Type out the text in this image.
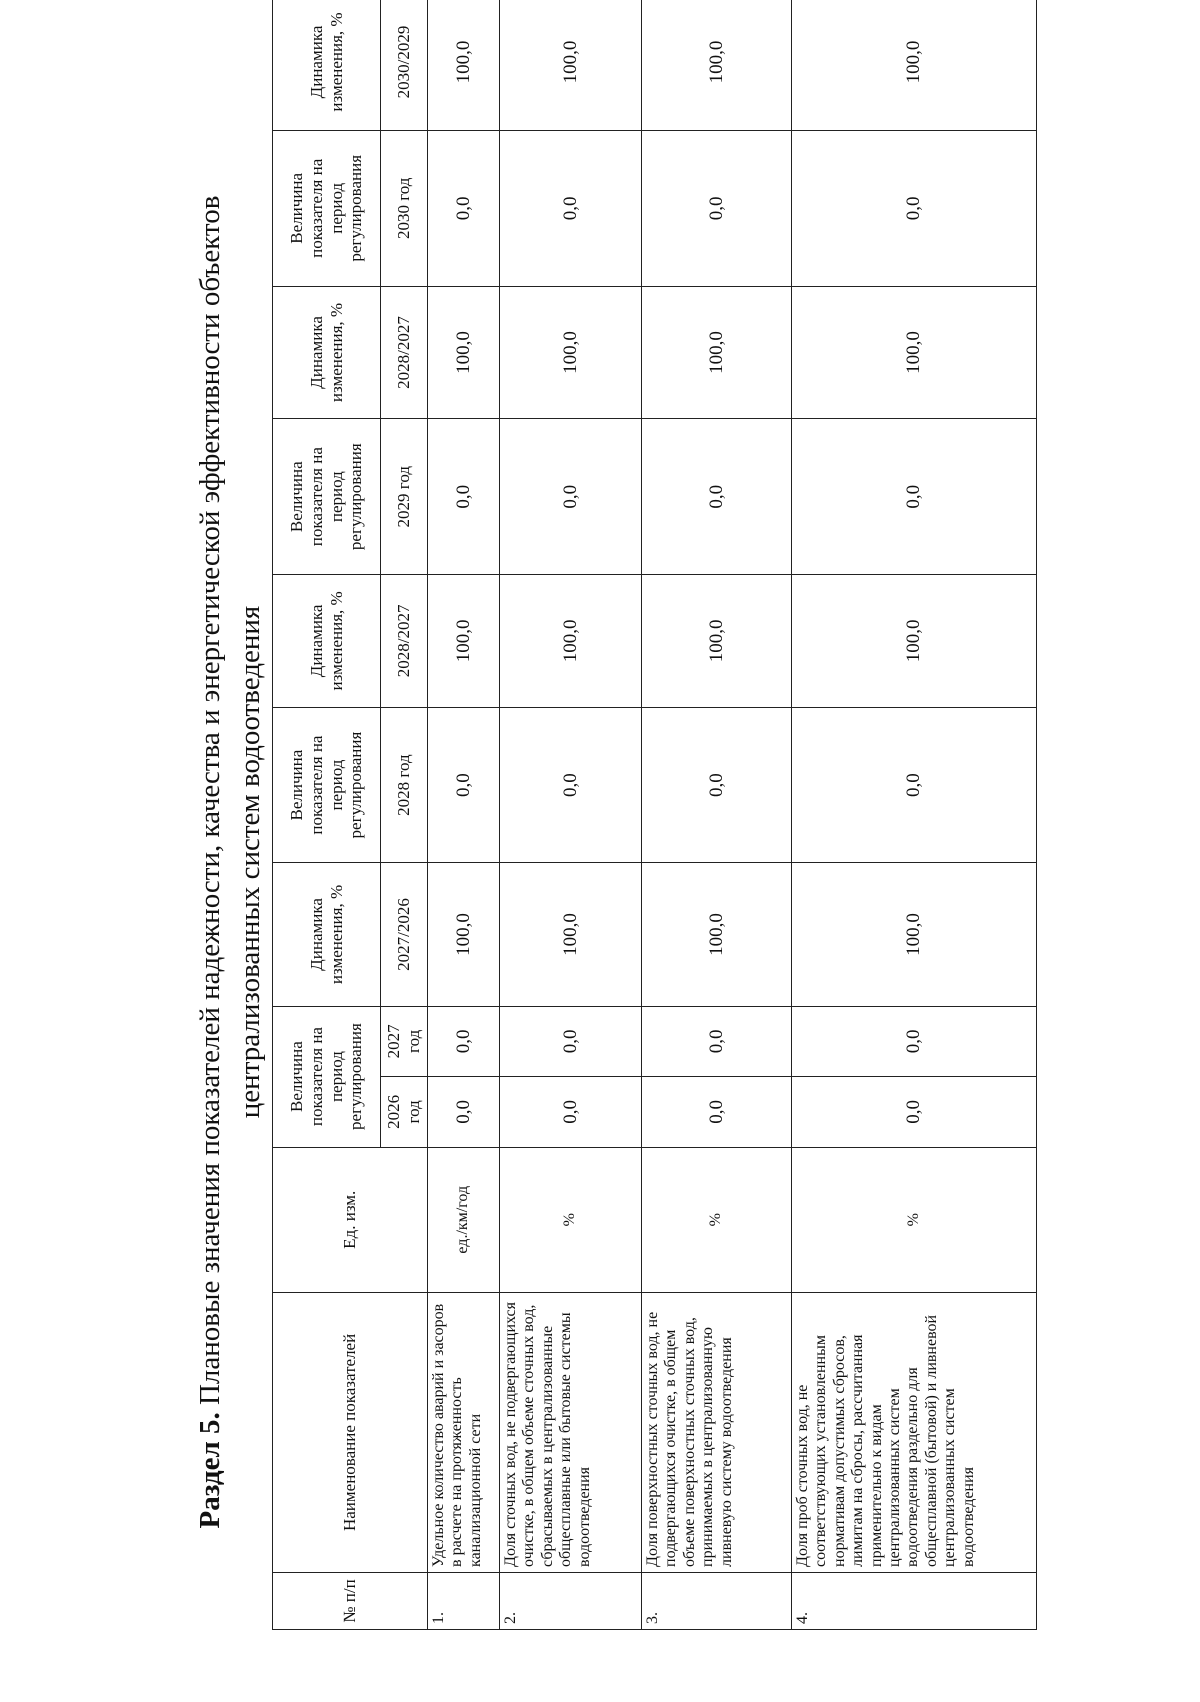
Раздел 5. Плановые значения показателей надежности, качества и энергетической эффективности объектов централизованных систем водоотведения
№ п/п	Наименование показателей	Ед. изм.	Величина показателя на период регулирования		Динамика изменения, %	Величина показателя на период регулирования	Динамика изменения, %	Величина показателя на период регулирования	Динамика изменения, %	Величина показателя на период регулирования	Динамика изменения, %
			2026 год	2027 год	2027/2026	2028 год	2028/2027	2029 год	2028/2027	2030 год	2030/2029
1.	Удельное количество аварий и засоров в расчете на протяженность канализационной сети	ед./км/год	0,0	0,0	100,0	0,0	100,0	0,0	100,0	0,0	100,0
2.	Доля сточных вод, не подвергающихся очистке, в общем объеме сточных вод, сбрасываемых в централизованные общесплавные или бытовые системы водоотведения	%	0,0	0,0	100,0	0,0	100,0	0,0	100,0	0,0	100,0
3.	Доля поверхностных сточных вод, не подвергающихся очистке, в общем объеме поверхностных сточных вод, принимаемых в централизованную ливневую систему водоотведения	%	0,0	0,0	100,0	0,0	100,0	0,0	100,0	0,0	100,0
4.	Доля проб сточных вод, не соответствующих установленным нормативам допустимых сбросов, лимитам на сбросы, рассчитанная применительно к видам централизованных систем водоотведения раздельно для общесплавной (бытовой) и ливневой централизованных систем водоотведения	%	0,0	0,0	100,0	0,0	100,0	0,0	100,0	0,0	100,0
